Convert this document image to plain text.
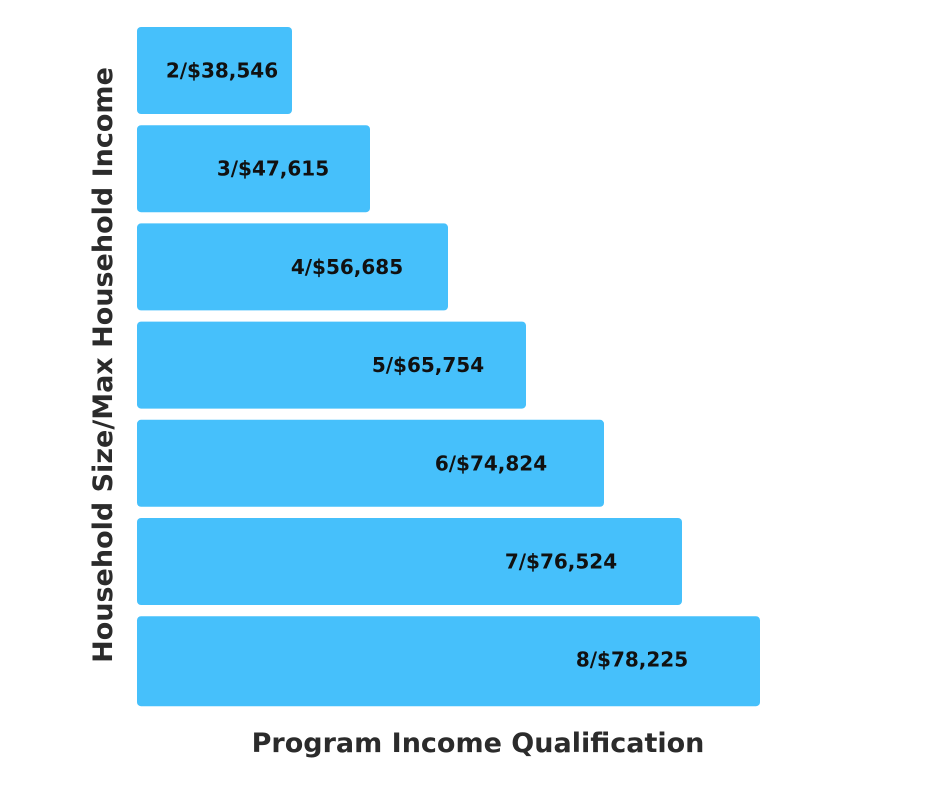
2/$38,546
3/$47,615
4/$56,685
5/$65,754
6/$74,824
7/$76,524
8/$78,225
Program Income Qualification
Household Size/Max Household Income
